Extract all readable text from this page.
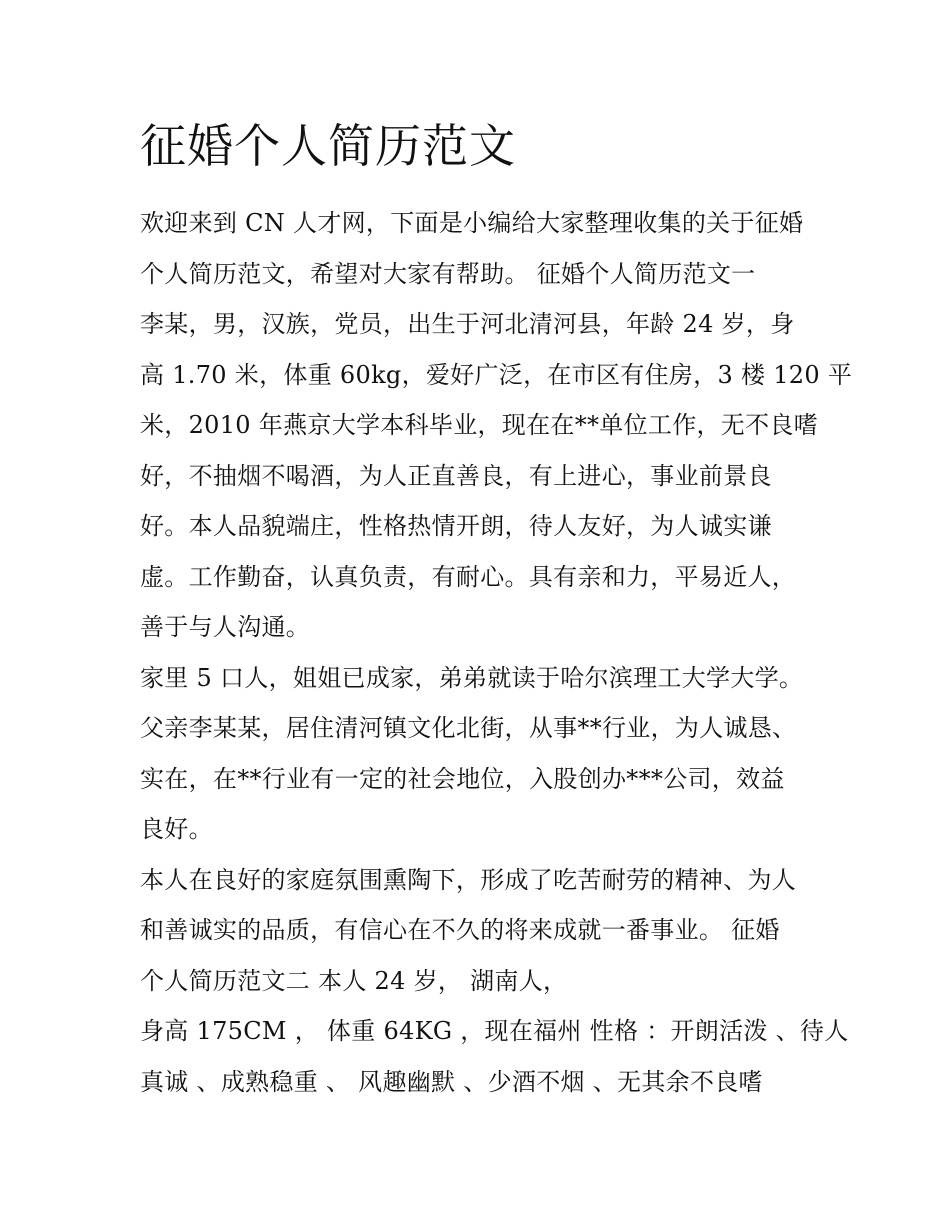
征婚个人简历范文
欢迎来到 CN 人才网，下面是小编给大家整理收集的关于征婚
个人简历范文，希望对大家有帮助。 征婚个人简历范文一
李某，男，汉族，党员，出生于河北清河县，年龄 24 岁，身
高 1.70 米，体重 60kg，爱好广泛，在市区有住房，3 楼 120 平
米，2010 年燕京大学本科毕业，现在在**单位工作，无不良嗜
好，不抽烟不喝酒，为人正直善良，有上进心，事业前景良
好。本人品貌端庄，性格热情开朗，待人友好，为人诚实谦
虚。工作勤奋，认真负责，有耐心。具有亲和力，平易近人，
善于与人沟通。
家里 5 口人，姐姐已成家，弟弟就读于哈尔滨理工大学大学。
父亲李某某，居住清河镇文化北街，从事**行业，为人诚恳、
实在，在**行业有一定的社会地位，入股创办***公司，效益
良好。
本人在良好的家庭氛围熏陶下，形成了吃苦耐劳的精神、为人
和善诚实的品质，有信心在不久的将来成就一番事业。 征婚
个人简历范文二 本人 24 岁， 湖南人，
身高 175CM ， 体重 64KG ，现在福州 性格 ：开朗活泼 、待人
真诚 、成熟稳重 、 风趣幽默 、少酒不烟 、无其余不良嗜
